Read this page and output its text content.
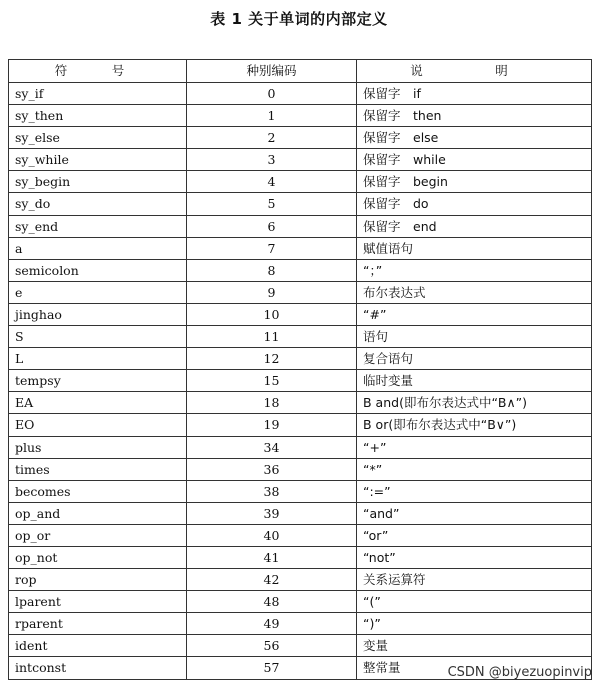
表 1 关于单词的内部定义
符　号	种别编码	说　明
sy_if	0	保留字　if
sy_then	1	保留字　then
sy_else	2	保留字　else
sy_while	3	保留字　while
sy_begin	4	保留字　begin
sy_do	5	保留字　do
sy_end	6	保留字　end
a	7	赋值语句
semicolon	8	“；”
e	9	布尔表达式
jinghao	10	“#”
S	11	语句
L	12	复合语句
tempsy	15	临时变量
EA	18	B and(即布尔表达式中“B∧”)
EO	19	B or(即布尔表达式中“B∨”)
plus	34	“+”
times	36	“*”
becomes	38	“:=”
op_and	39	“and”
op_or	40	“or”
op_not	41	“not”
rop	42	关系运算符
lparent	48	“(”
rparent	49	“)”
ident	56	变量
intconst	57	整常量	CSDN @biyezuopinvip
